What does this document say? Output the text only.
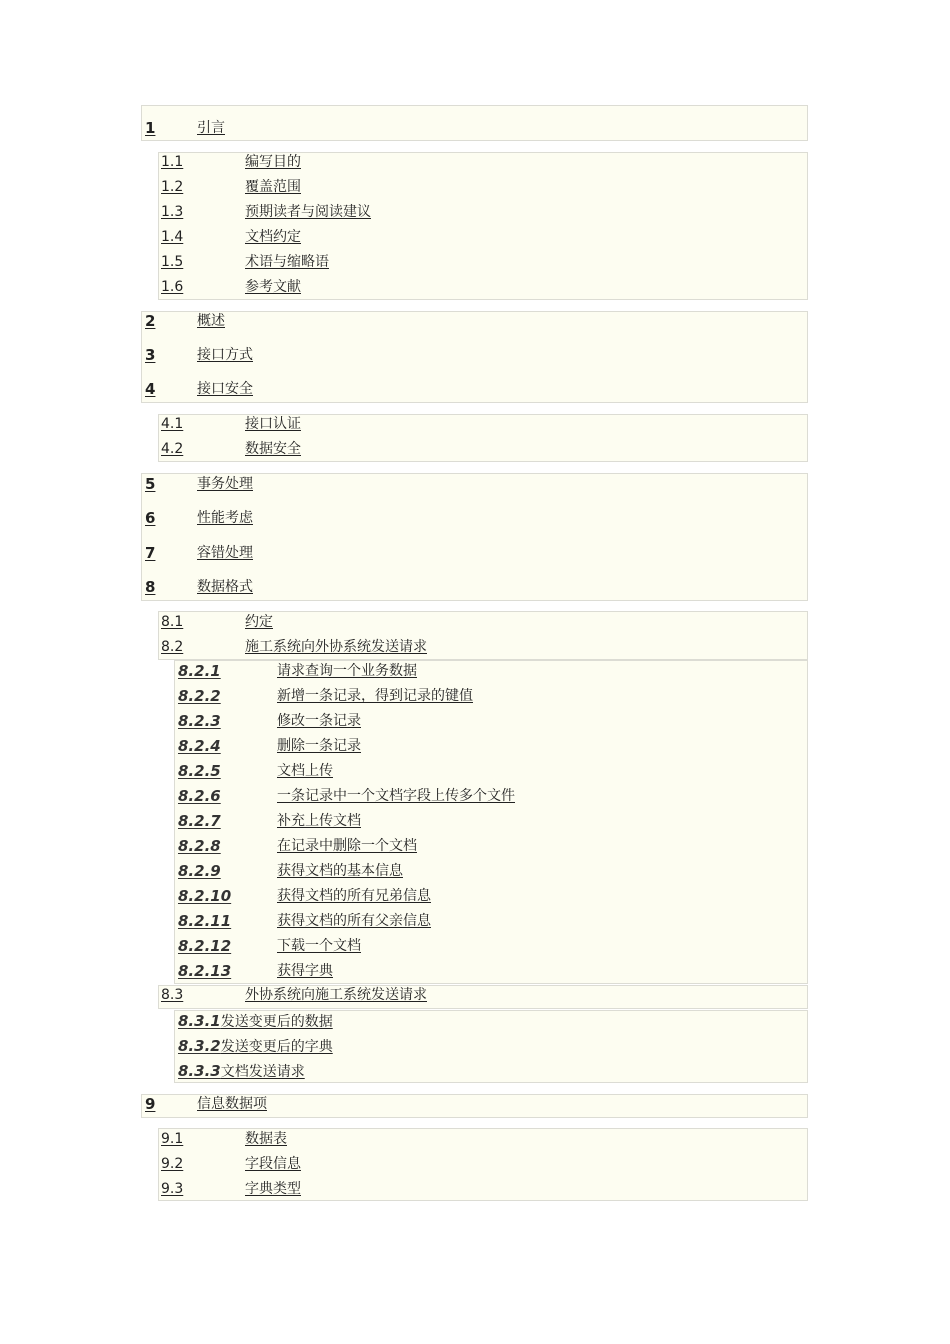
1	引言
1.1	编写目的
1.2	覆盖范围
1.3	预期读者与阅读建议
1.4	文档约定
1.5	术语与缩略语
1.6	参考文献
2	概述
3	接口方式
4	接口安全
4.1	接口认证
4.2	数据安全
5	事务处理
6	性能考虑
7	容错处理
8	数据格式
8.1	约定
8.2	施工系统向外协系统发送请求
8.2.1	请求查询一个业务数据
8.2.2	新增一条记录，得到记录的键值
8.2.3	修改一条记录
8.2.4	删除一条记录
8.2.5	文档上传
8.2.6	一条记录中一个文档字段上传多个文件
8.2.7	补充上传文档
8.2.8	在记录中删除一个文档
8.2.9	获得文档的基本信息
8.2.10	获得文档的所有兄弟信息
8.2.11	获得文档的所有父亲信息
8.2.12	下载一个文档
8.2.13	获得字典
8.3	外协系统向施工系统发送请求
8.3.1发送变更后的数据
8.3.2发送变更后的字典
8.3.3文档发送请求
9	信息数据项
9.1	数据表
9.2	字段信息
9.3	字典类型
